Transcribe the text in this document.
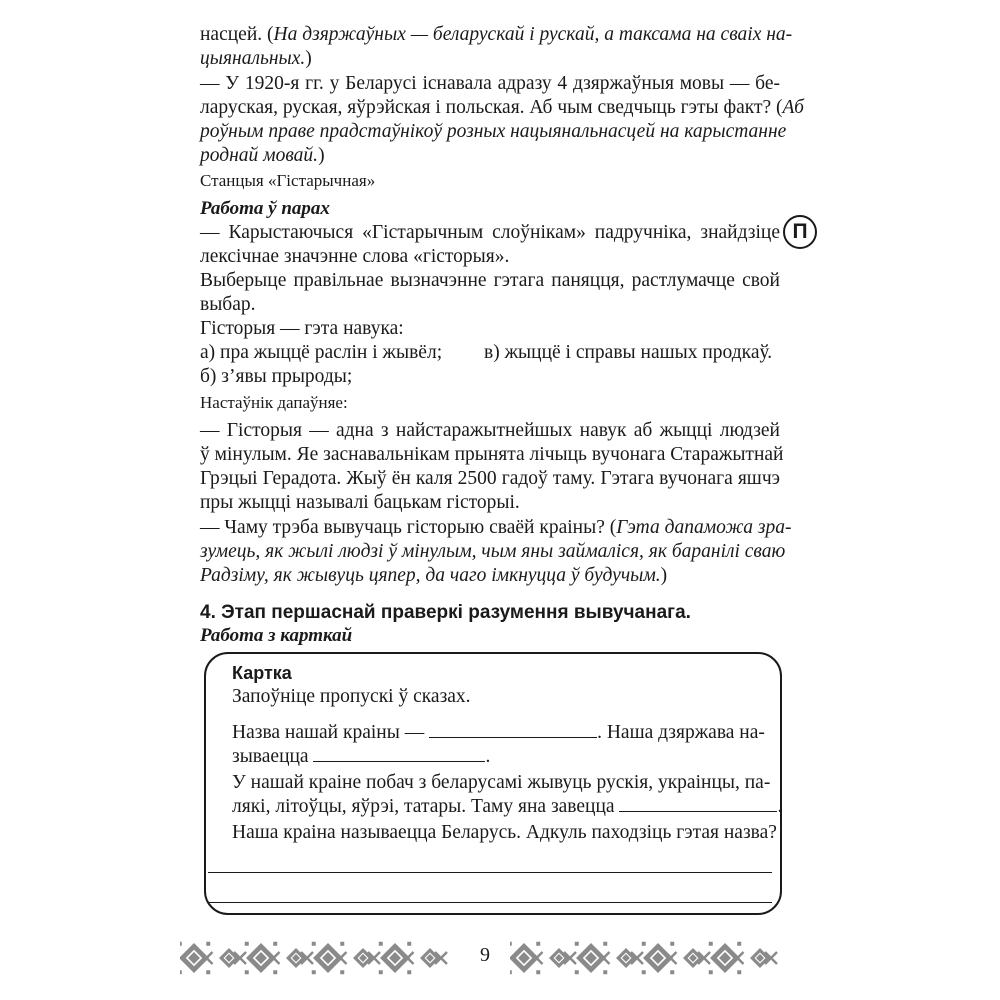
насцей. (На дзяржаўных — беларускай і рускай, а таксама на сваіх на-
цыянальных.)
— У 1920-я гг. у Беларусі існавала адразу 4 дзяржаўныя мовы — бе-
ларуская, руская, яўрэйская і польская. Аб чым сведчыць гэты факт? (Аб
роўным праве прадстаўнікоў розных нацыянальнасцей на карыстанне
роднай мовай.)
Станцыя «Гістарычная»
Работа ў парах
П
— Карыстаючыся «Гістарычным слоўнікам» падручніка, знайдзіце
лексічнае значэнне слова «гісторыя».
Выберыце правільнае вызначэнне гэтага паняцця, растлумачце свой
выбар.
Гісторыя — гэта навука:
а) пра жыццё раслін і жывёл;	в) жыццё і справы нашых продкаў.
б) з’явы прыроды;
Настаўнік дапаўняе:
— Гісторыя — адна з найстаражытнейшых навук аб жыцці людзей
ў мінулым. Яе заснавальнікам прынята лічыць вучонага Старажытнай
Грэцыі Герадота. Жыў ён каля 2500 гадоў таму. Гэтага вучонага яшчэ
пры жыцці называлі бацькам гісторыі.
— Чаму трэба вывучаць гісторыю сваёй краіны? (Гэта дапаможа зра-
зумець, як жылі людзі ў мінулым, чым яны займаліся, як баранілі сваю
Радзіму, як жывуць цяпер, да чаго імкнуцца ў будучым.)
4. Этап першаснай праверкі разумення вывучанага.
Работа з карткай
Картка
Запоўніце пропускі ў сказах.
Назва нашай краіны —	. Наша дзяржава на-
зываецца	.
У нашай краіне побач з беларусамі жывуць рускія, украінцы, па-
лякі, літоўцы, яўрэі, татары. Таму яна завецца	.
Наша краіна называецца Беларусь. Адкуль паходзіць гэтая назва?
9
